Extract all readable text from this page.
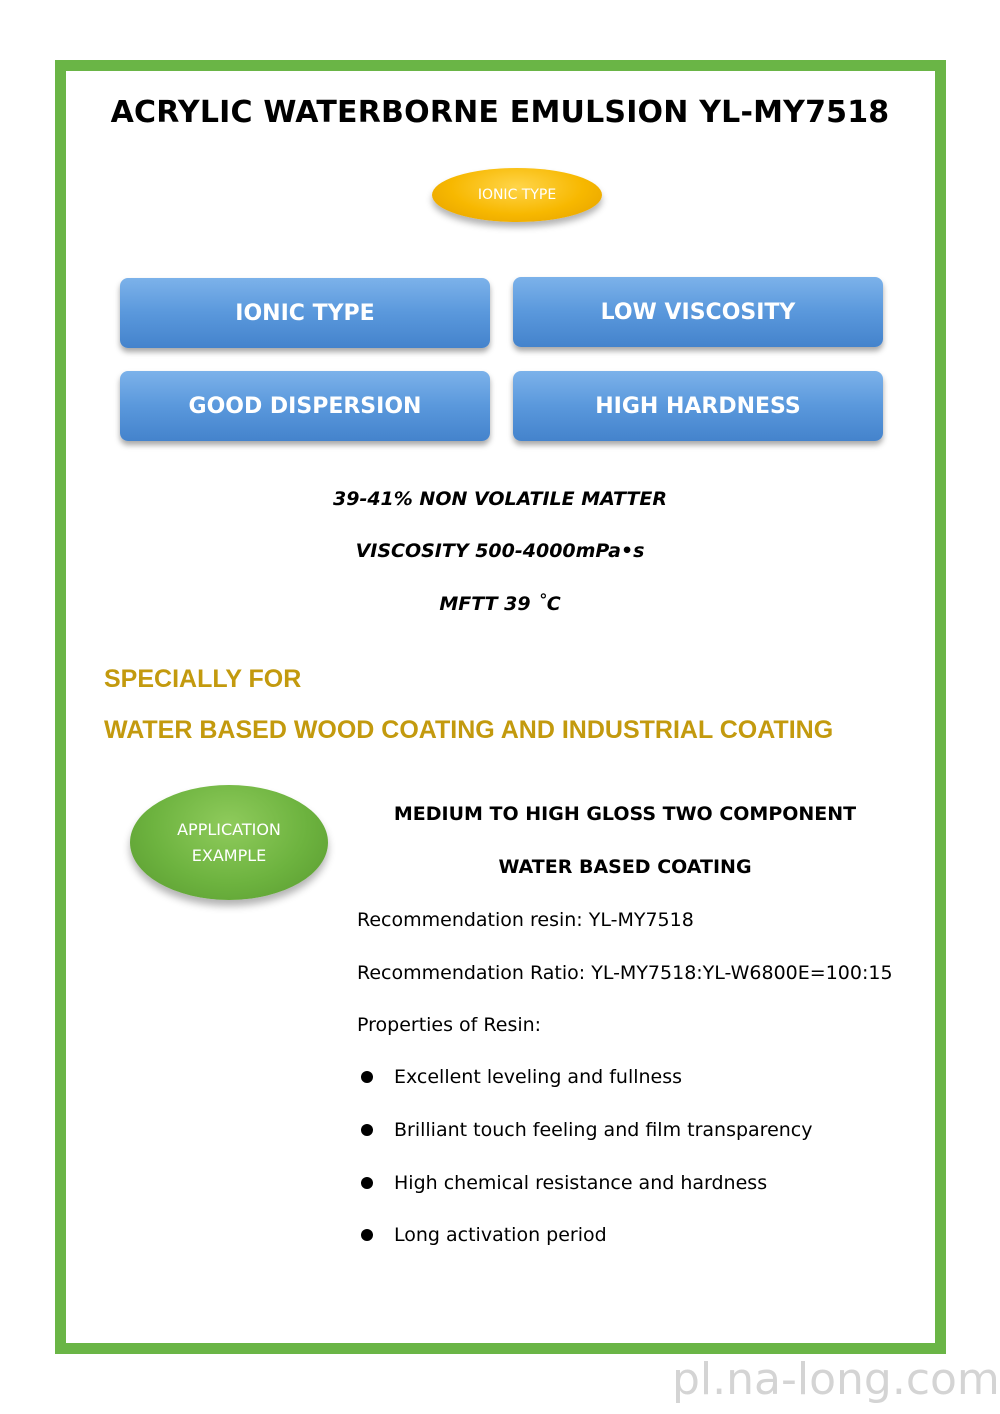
ACRYLIC WATERBORNE EMULSION YL-MY7518
IONIC TYPE
IONIC TYPE	LOW VISCOSITY
GOOD DISPERSION	HIGH HARDNESS
39-41% NON VOLATILE MATTER
VISCOSITY 500-4000mPa•s
MFTT 39 ˚C
SPECIALLY FOR
WATER BASED WOOD COATING AND INDUSTRIAL COATING
APPLICATION
EXAMPLE
MEDIUM TO HIGH GLOSS TWO COMPONENT
WATER BASED COATING
Recommendation resin: YL-MY7518
Recommendation Ratio: YL-MY7518:YL-W6800E=100:15
Properties of Resin:
Excellent leveling and fullness
Brilliant touch feeling and film transparency
High chemical resistance and hardness
Long activation period
pl.na-long.com
